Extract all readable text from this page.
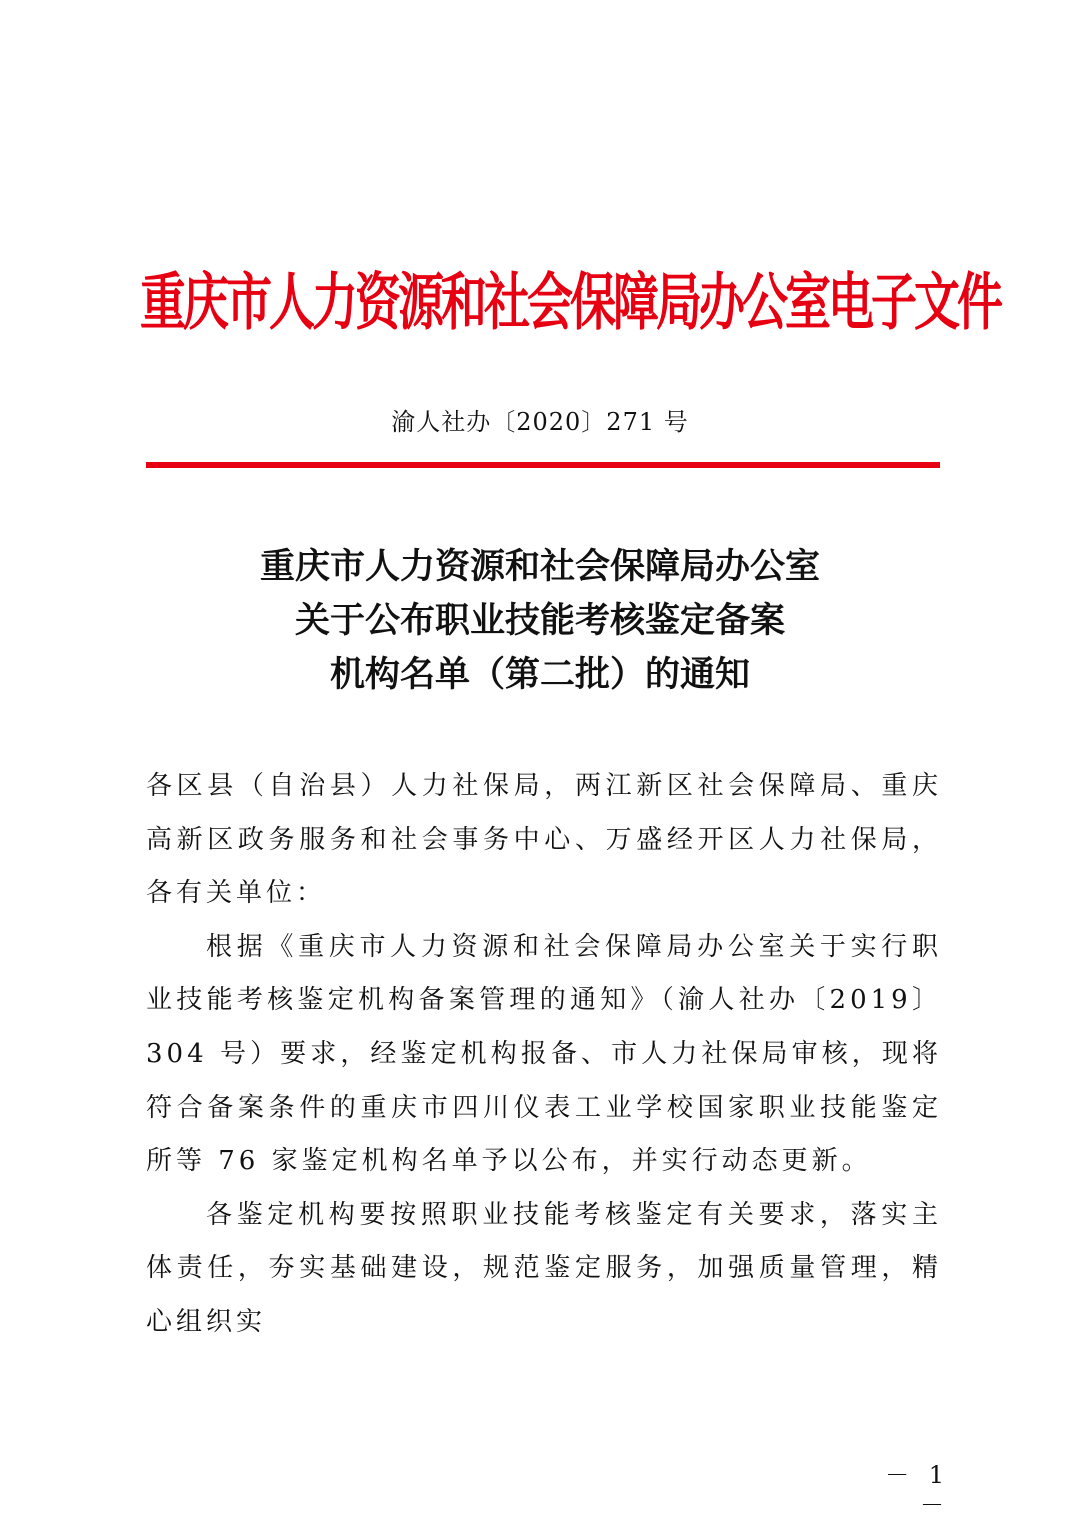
重庆市人力资源和社会保障局办公室电子文件
渝人社办〔2020〕271 号
重庆市人力资源和社会保障局办公室
关于公布职业技能考核鉴定备案
机构名单（第二批）的通知

各区县（自治县）人力社保局，两江新区社会保障局、重庆高新区政务服务和社会事务中心、万盛经开区人力社保局，各有关单位：

根据《重庆市人力资源和社会保障局办公室关于实行职业技能考核鉴定机构备案管理的通知》（渝人社办〔2019〕304 号）要求，经鉴定机构报备、市人力社保局审核，现将符合备案条件的重庆市四川仪表工业学校国家职业技能鉴定所等 76 家鉴定机构名单予以公布，并实行动态更新。

各鉴定机构要按照职业技能考核鉴定有关要求，落实主体责任，夯实基础建设，规范鉴定服务，加强质量管理，精心组织实

－ 1 －
